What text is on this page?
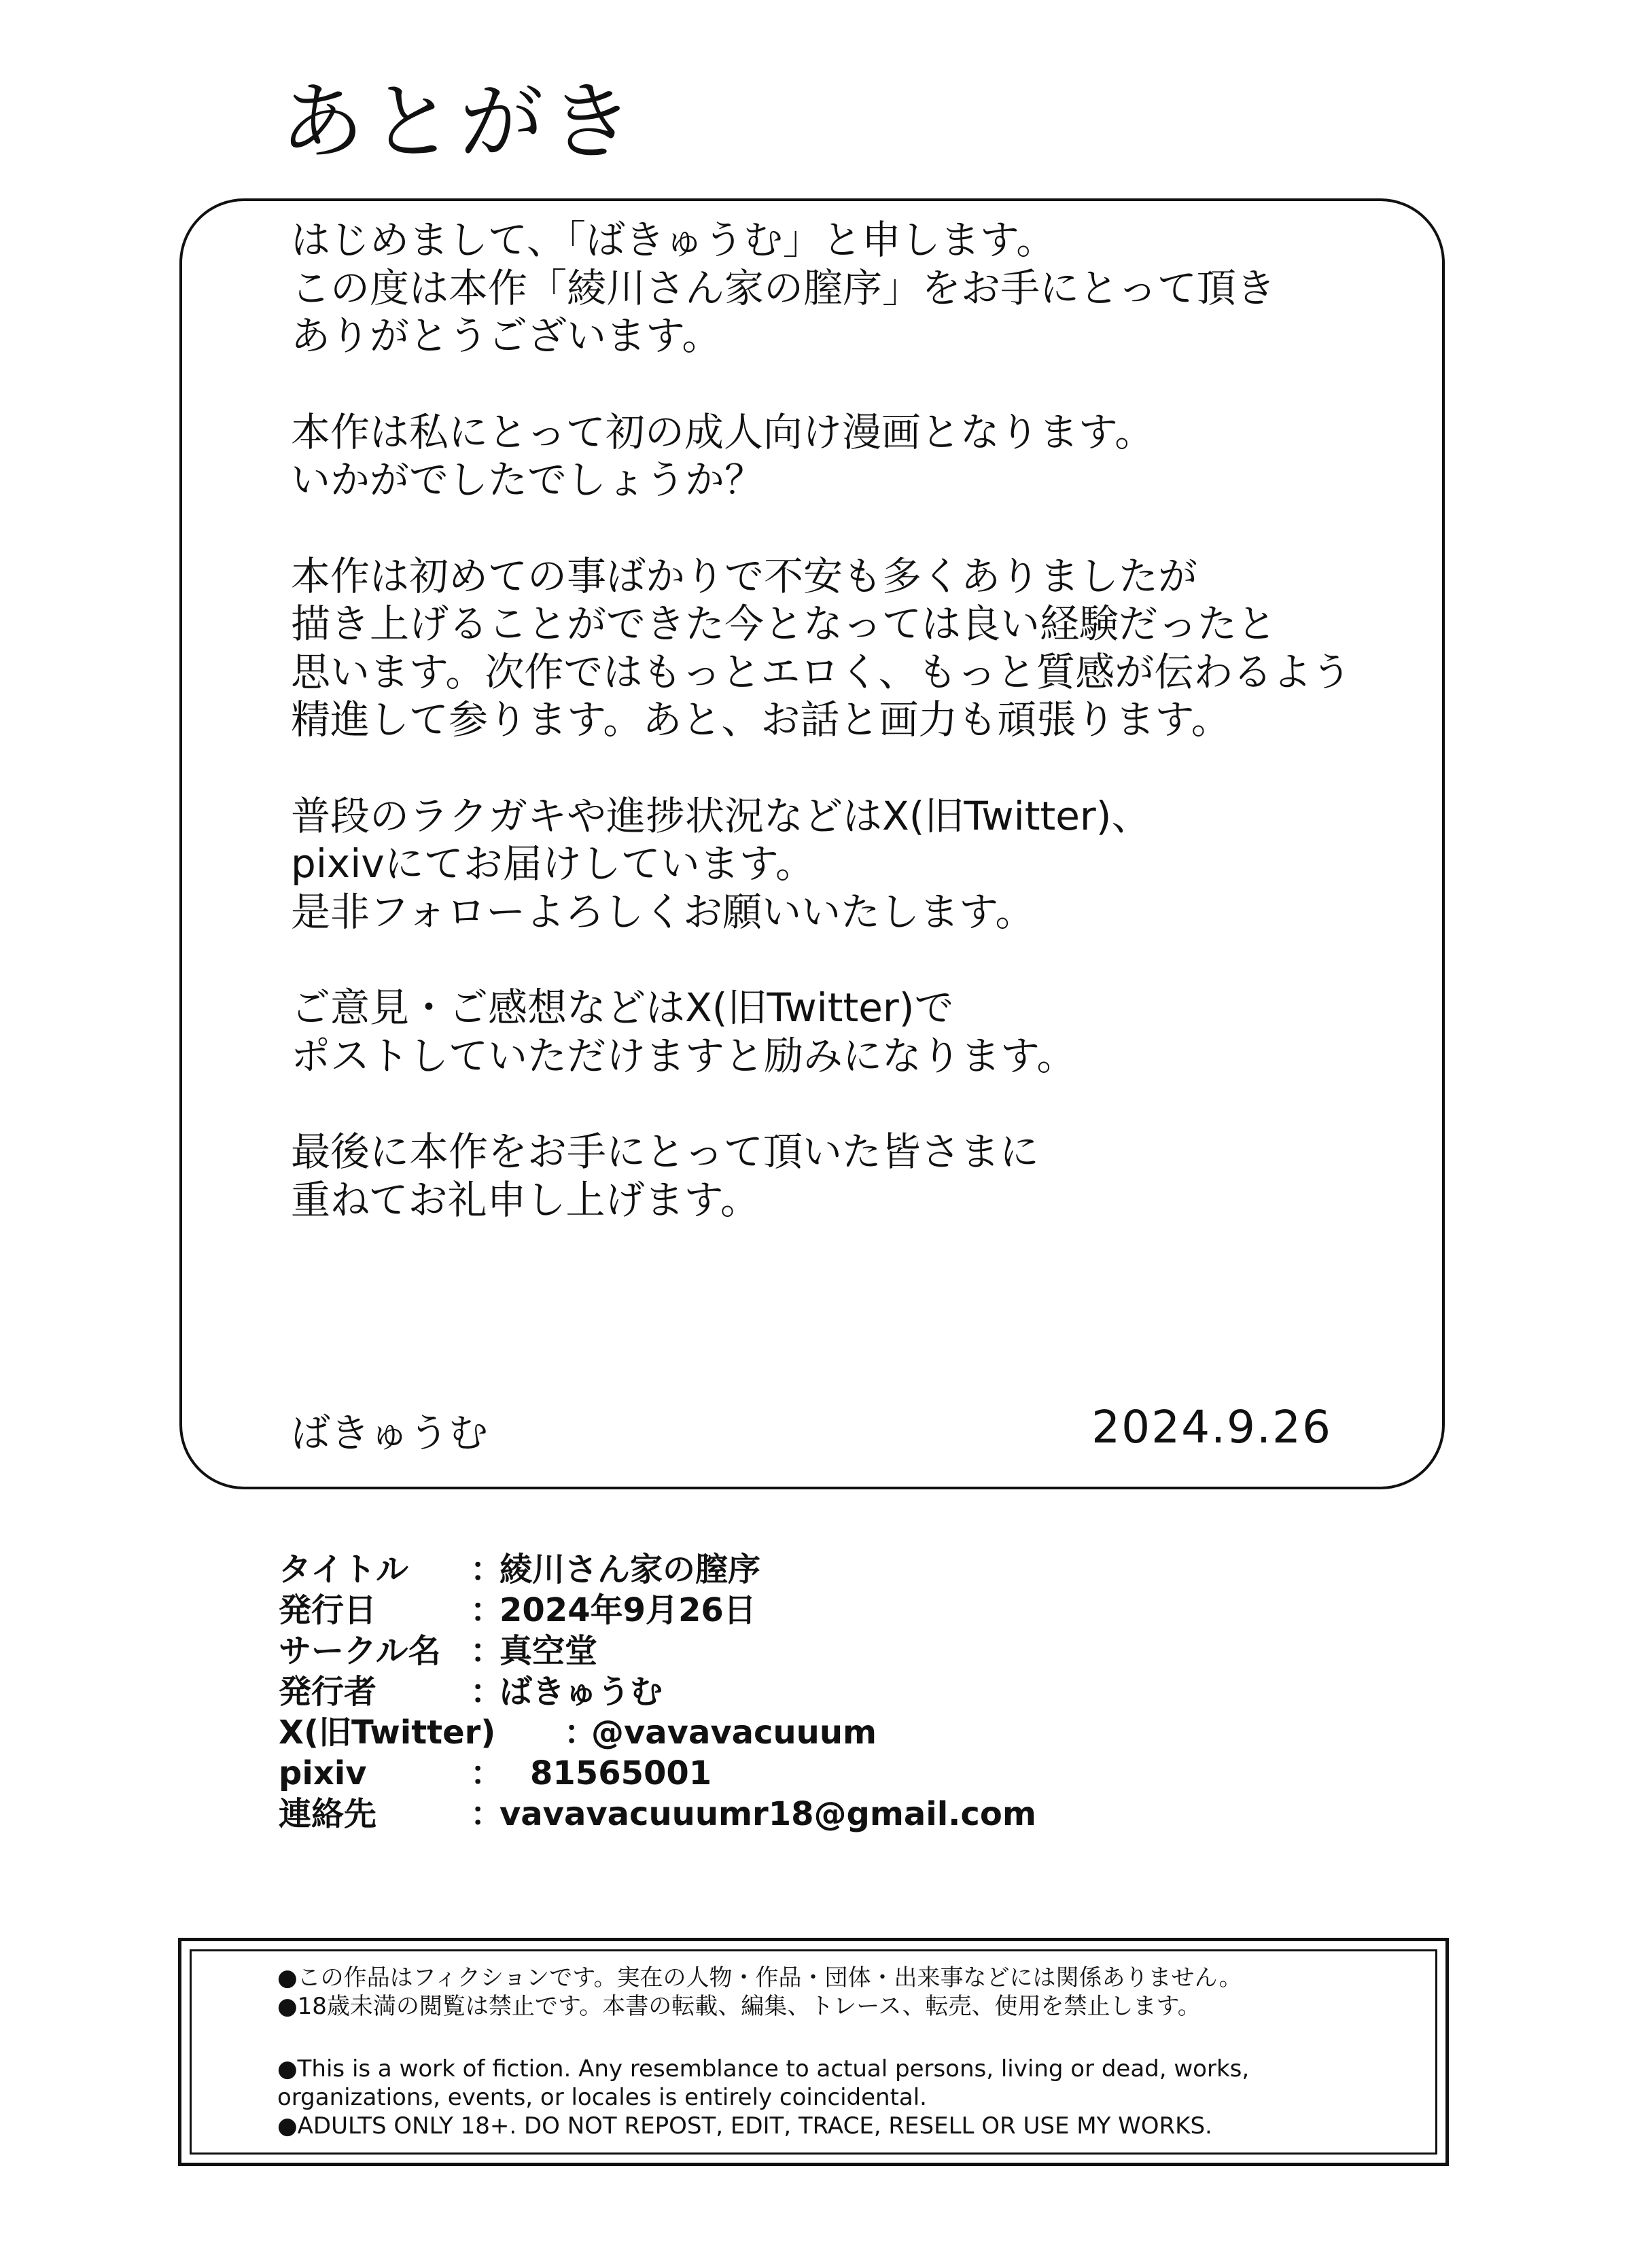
あとがき

はじめまして、「ばきゅうむ」と申します。
この度は本作「綾川さん家の膣序」をお手にとって頂き
ありがとうございます。

本作は私にとって初の成人向け漫画となります。
いかがでしたでしょうか？

本作は初めての事ばかりで不安も多くありましたが
描き上げることができた今となっては良い経験だったと
思います。次作ではもっとエロく、もっと質感が伝わるよう
精進して参ります。あと、お話と画力も頑張ります。

普段のラクガキや進捗状況などはX(旧Twitter)、
pixivにてお届けしています。
是非フォローよろしくお願いいたします。

ご意見・ご感想などはX(旧Twitter)で
ポストしていただけますと励みになります。

最後に本作をお手にとって頂いた皆さまに
重ねてお礼申し上げます。

ばきゅうむ	2024.9.26
タイトル ：
綾川さん家の膣序
発行日	：
2024年9月26日
サークル名 ：
真空堂
発行者	：
ばきゅうむ
X(旧Twitter) ：
@vavavacuuum
pixiv	： 81565001
連絡先	：
vavavacuuumr18@gmail.com
●この作品はフィクションです。実在の人物・作品・団体・出来事などには関係ありません。
●18歳未満の閲覧は禁止です。本書の転載、編集、トレース、転売、使用を禁止します。
●This is a work of fiction. Any resemblance to actual persons, living or dead, works,
organizations, events, or locales is entirely coincidental.
●ADULTS ONLY 18+. DO NOT REPOST, EDIT, TRACE, RESELL OR USE MY WORKS.
